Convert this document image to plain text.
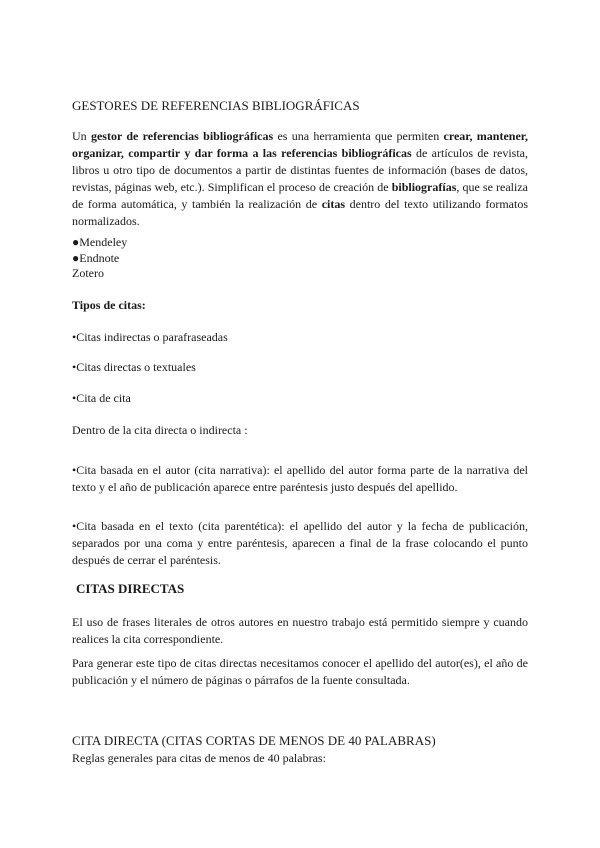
GESTORES DE REFERENCIAS BIBLIOGRÁFICAS

Un gestor de referencias bibliográficas es una herramienta que permiten crear, mantener, organizar, compartir y dar forma a las referencias bibliográficas de artículos de revista, libros u otro tipo de documentos a partir de distintas fuentes de información (bases de datos, revistas, páginas web, etc.). Simplifican el proceso de creación de bibliografías, que se realiza de forma automática, y también la realización de citas dentro del texto utilizando formatos normalizados.

●Mendeley

●Endnote

Zotero

Tipos de citas:

•Citas indirectas o parafraseadas

•Citas directas o textuales

•Cita de cita

Dentro de la cita directa o indirecta :

•Cita basada en el autor (cita narrativa): el apellido del autor forma parte de la narrativa del texto y el año de publicación aparece entre paréntesis justo después del apellido.

•Cita basada en el texto (cita parentética): el apellido del autor y la fecha de publicación, separados por una coma y entre paréntesis, aparecen a final de la frase colocando el punto después de cerrar el paréntesis.

CITAS DIRECTAS

El uso de frases literales de otros autores en nuestro trabajo está permitido siempre y cuando realices la cita correspondiente.

Para generar este tipo de citas directas necesitamos conocer el apellido del autor(es), el año de publicación y el número de páginas o párrafos de la fuente consultada.

CITA DIRECTA (CITAS CORTAS DE MENOS DE 40 PALABRAS)

Reglas generales para citas de menos de 40 palabras:
